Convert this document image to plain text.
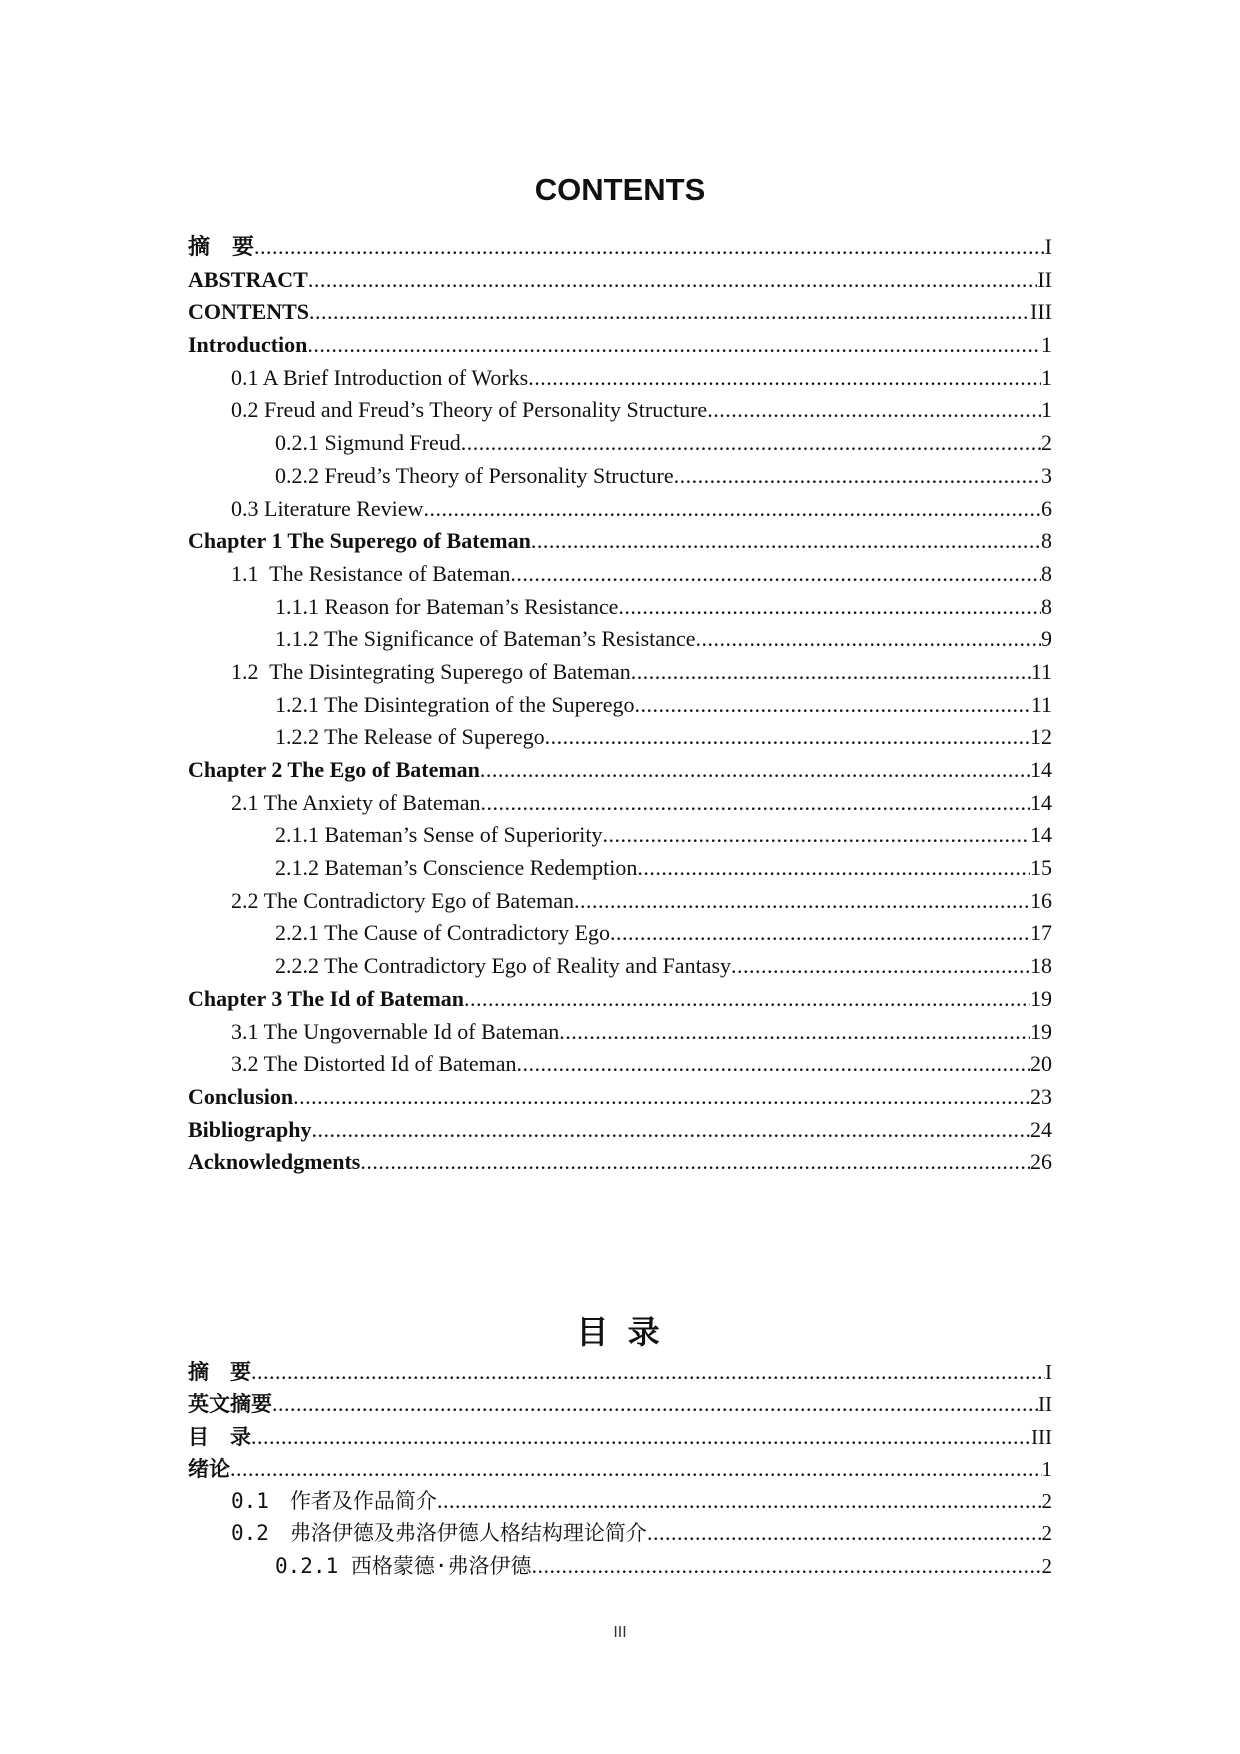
CONTENTS
摘　要 .....	I
ABSTRACT .....	II
CONTENTS .....	III
Introduction .....	1
0.1 A Brief Introduction of Works .....	1
0.2 Freud and Freud’s Theory of Personality Structure .....	1
0.2.1 Sigmund Freud .....	2
0.2.2 Freud’s Theory of Personality Structure .....	3
0.3 Literature Review .....	6
Chapter 1 The Superego of Bateman .....	8
1.1  The Resistance of Bateman .....	8
1.1.1 Reason for Bateman’s Resistance .....	8
1.1.2 The Significance of Bateman’s Resistance .....	9
1.2  The Disintegrating Superego of Bateman .....	11
1.2.1 The Disintegration of the Superego .....	11
1.2.2 The Release of Superego .....	12
Chapter 2 The Ego of Bateman .....	14
2.1 The Anxiety of Bateman .....	14
2.1.1 Bateman’s Sense of Superiority .....	14
2.1.2 Bateman’s Conscience Redemption .....	15
2.2 The Contradictory Ego of Bateman .....	16
2.2.1 The Cause of Contradictory Ego .....	17
2.2.2 The Contradictory Ego of Reality and Fantasy .....	18
Chapter 3 The Id of Bateman .....	19
3.1 The Ungovernable Id of Bateman .....	19
3.2 The Distorted Id of Bateman .....	20
Conclusion .....	23
Bibliography .....	24
Acknowledgments .....	26
目 录
摘　要 .....	I
英文摘要 .....	II
目　录 .....	III
绪论 .....	1
0.1　作者及作品简介 .....	2
0.2　弗洛伊德及弗洛伊德人格结构理论简介 .....	2
0.2.1 西格蒙德·弗洛伊德 .....	2
III
